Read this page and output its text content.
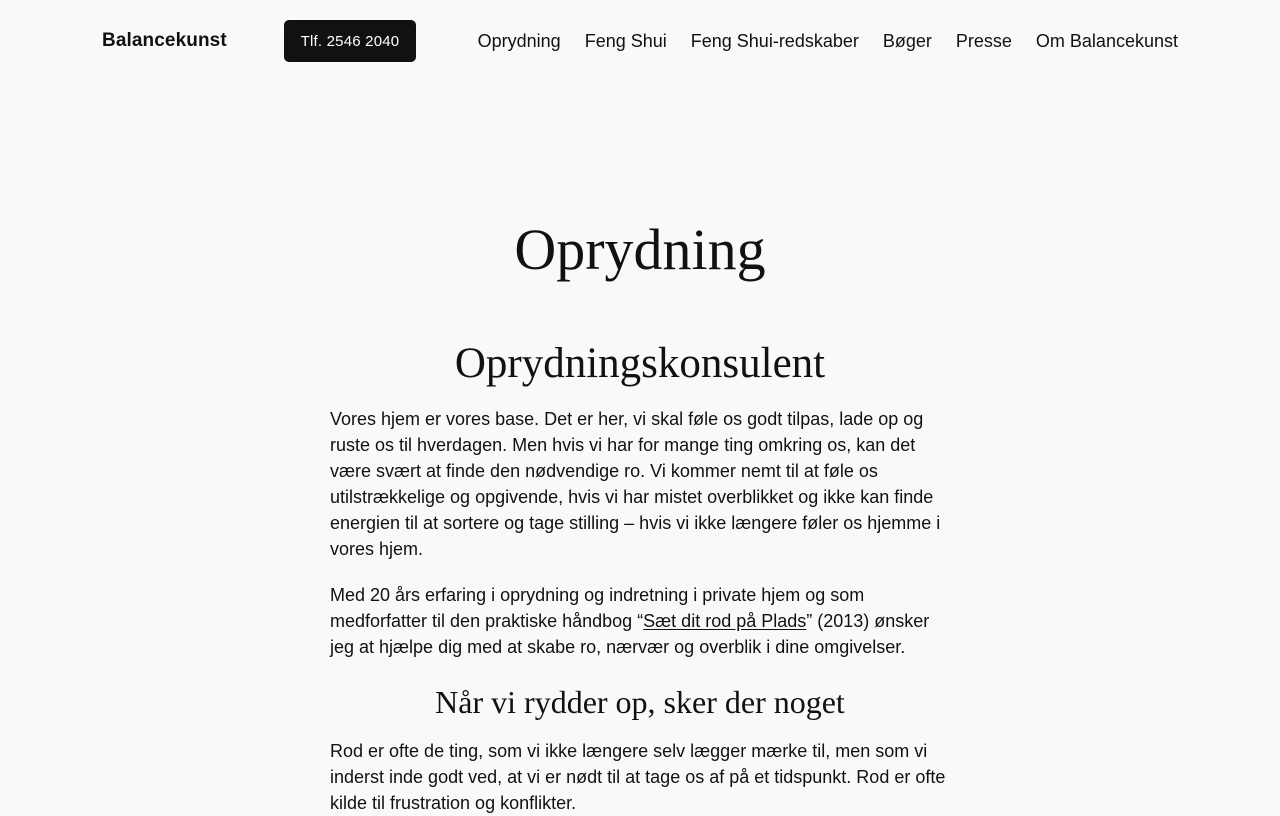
Balancekunst	Tlf. 2546 2040	Oprydning Feng Shui Feng Shui-redskaber Bøger Presse Om Balancekunst
Oprydning
Oprydningskonsulent

Vores hjem er vores base. Det er her, vi skal føle os godt tilpas, lade op og ruste os til hverdagen. Men hvis vi har for mange ting omkring os, kan det være svært at finde den nødvendige ro. Vi kommer nemt til at føle os utilstrækkelige og opgivende, hvis vi har mistet overblikket og ikke kan finde energien til at sortere og tage stilling – hvis vi ikke længere føler os hjemme i vores hjem.

Med 20 års erfaring i oprydning og indretning i private hjem og som medforfatter til den praktiske håndbog “Sæt dit rod på Plads” (2013) ønsker jeg at hjælpe dig med at skabe ro, nærvær og overblik i dine omgivelser.

Når vi rydder op, sker der noget

Rod er ofte de ting, som vi ikke længere selv lægger mærke til, men som vi inderst inde godt ved, at vi er nødt til at tage os af på et tidspunkt. Rod er ofte kilde til frustration og konflikter.
